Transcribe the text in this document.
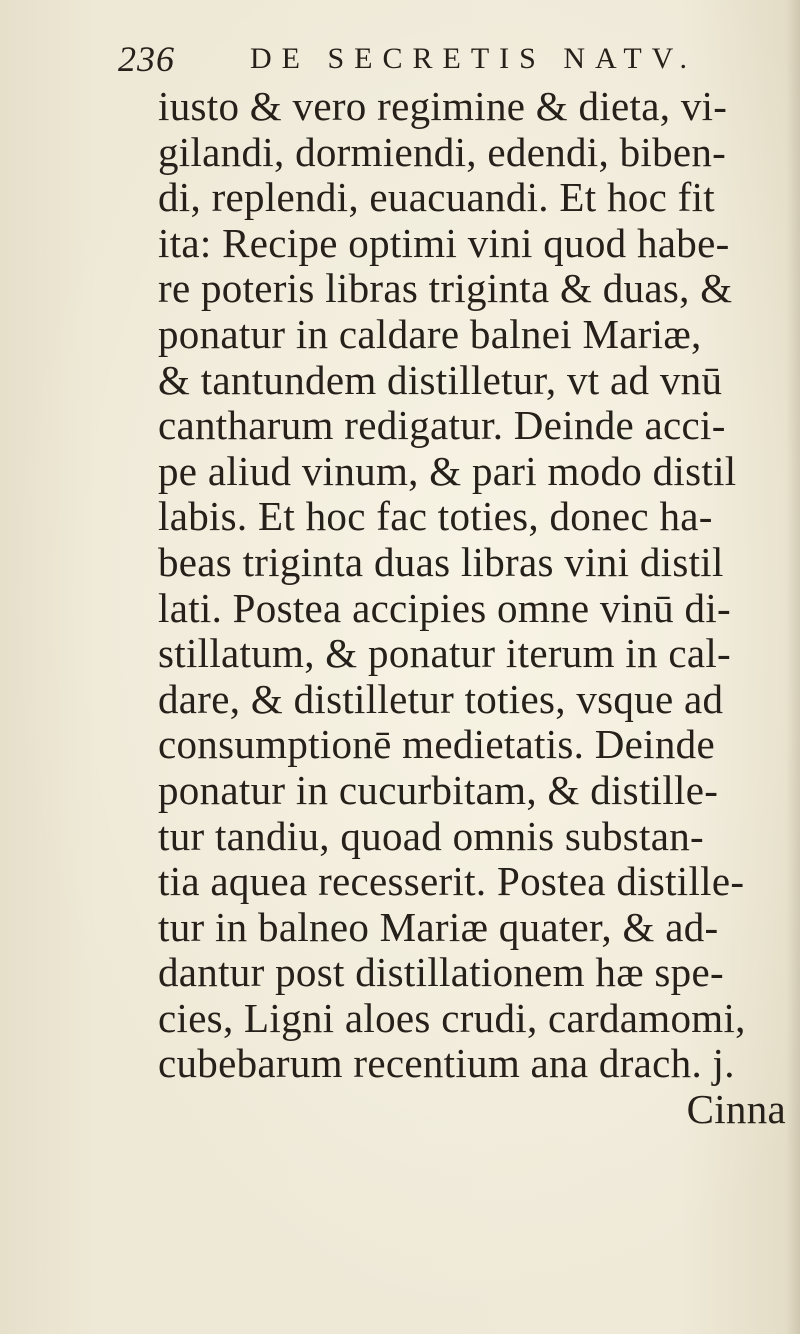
236	DE SECRETIS NATV.
iusto & vero regimine & dieta, vi-
gilandi, dormiendi, edendi, biben-
di, replendi, euacuandi. Et hoc fit
ita: Recipe optimi vini quod habe-
re poteris libras triginta & duas, &
ponatur in caldare balnei Mariæ,
& tantundem distilletur, vt ad vnū
cantharum redigatur. Deinde acci-
pe aliud vinum, & pari modo distil
labis. Et hoc fac toties, donec ha-
beas triginta duas libras vini distil
lati. Postea accipies omne vinū di-
stillatum, & ponatur iterum in cal-
dare, & distilletur toties, vsque ad
consumptionē medietatis. Deinde
ponatur in cucurbitam, & distille-
tur tandiu, quoad omnis substan-
tia aquea recesserit. Postea distille-
tur in balneo Mariæ quater, & ad-
dantur post distillationem hæ spe-
cies, Ligni aloes crudi, cardamomi,
cubebarum recentium ana drach. j.
Cinna
